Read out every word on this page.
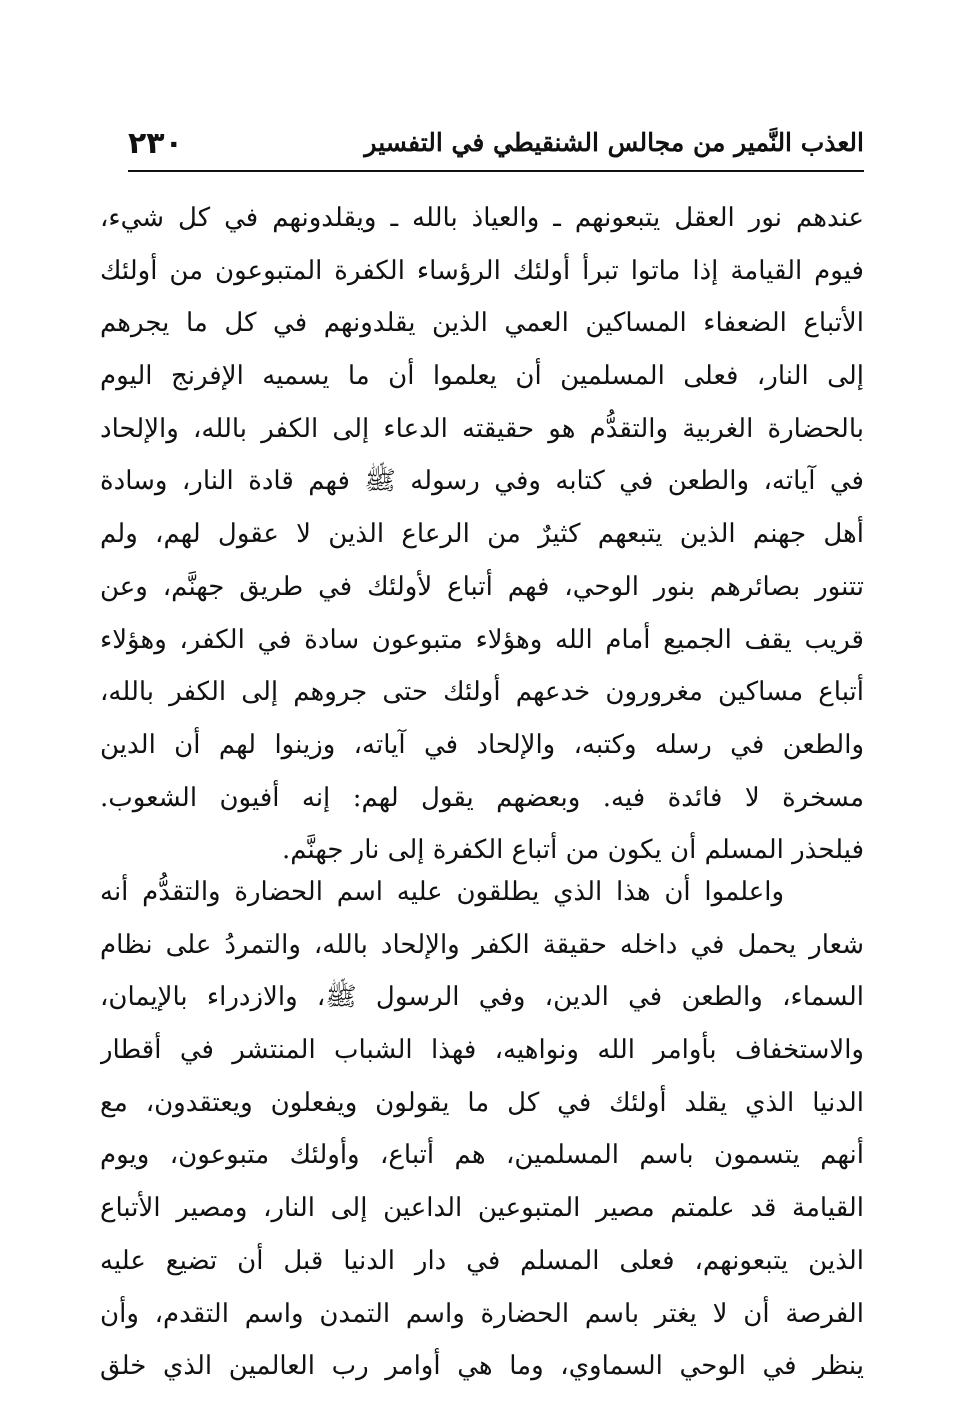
٢٣٠	العذب النَّمير من مجالس الشنقيطي في التفسير
عندهم نور العقل يتبعونهم ـ والعياذ بالله ـ ويقلدونهم في كل شيء،
فيوم القيامة إذا ماتوا تبرأ أولئك الرؤساء الكفرة المتبوعون من أولئك
الأتباع الضعفاء المساكين العمي الذين يقلدونهم في كل ما يجرهم
إلى النار، فعلى المسلمين أن يعلموا أن ما يسميه الإفرنج اليوم
بالحضارة الغربية والتقدُّم هو حقيقته الدعاء إلى الكفر بالله، والإلحاد
في آياته، والطعن في كتابه وفي رسوله ﷺ فهم قادة النار، وسادة
أهل جهنم الذين يتبعهم كثيرٌ من الرعاع الذين لا عقول لهم، ولم
تتنور بصائرهم بنور الوحي، فهم أتباع لأولئك في طريق جهنَّم، وعن
قريب يقف الجميع أمام الله وهؤلاء متبوعون سادة في الكفر، وهؤلاء
أتباع مساكين مغرورون خدعهم أولئك حتى جروهم إلى الكفر بالله،
والطعن في رسله وكتبه، والإلحاد في آياته، وزينوا لهم أن الدين
مسخرة لا فائدة فيه. وبعضهم يقول لهم: إنه أفيون الشعوب.
فيلحذر المسلم أن يكون من أتباع الكفرة إلى نار جهنَّم.
واعلموا أن هذا الذي يطلقون عليه اسم الحضارة والتقدُّم أنه
شعار يحمل في داخله حقيقة الكفر والإلحاد بالله، والتمردُ على نظام
السماء، والطعن في الدين، وفي الرسول ﷺ، والازدراء بالإيمان،
والاستخفاف بأوامر الله ونواهيه، فهذا الشباب المنتشر في أقطار
الدنيا الذي يقلد أولئك في كل ما يقولون ويفعلون ويعتقدون، مع
أنهم يتسمون باسم المسلمين، هم أتباع، وأولئك متبوعون، ويوم
القيامة قد علمتم مصير المتبوعين الداعين إلى النار، ومصير الأتباع
الذين يتبعونهم، فعلى المسلم في دار الدنيا قبل أن تضيع عليه
الفرصة أن لا يغتر باسم الحضارة واسم التمدن واسم التقدم، وأن
ينظر في الوحي السماوي، وما هي أوامر رب العالمين الذي خلق
